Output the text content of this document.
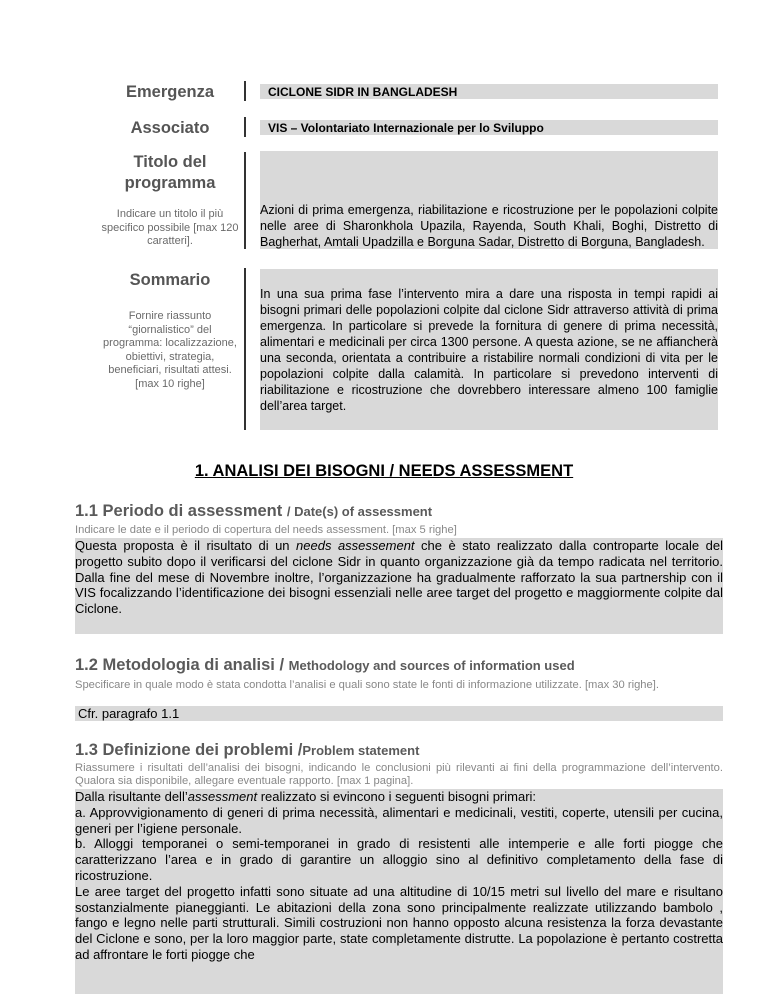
Emergenza	CICLONE SIDR IN BANGLADESH
Associato	VIS – Volontariato Internazionale per lo Sviluppo
Titolo del programma
Indicare un titolo il più specifico possibile [max 120 caratteri].

Azioni di prima emergenza, riabilitazione e ricostruzione per le popolazioni colpite nelle aree di Sharonkhola Upazila, Rayenda, South Khali, Boghi, Distretto di Bagherhat, Amtali Upadzilla e Borguna Sadar, Distretto di Borguna, Bangladesh.

Sommario
Fornire riassunto “giornalistico” del programma: localizzazione, obiettivi, strategia, beneficiari, risultati attesi. [max 10 righe]

In una sua prima fase l’intervento mira a dare una risposta in tempi rapidi ai bisogni primari delle popolazioni colpite dal ciclone Sidr attraverso attività di prima emergenza. In particolare si prevede la fornitura di genere di prima necessità, alimentari e medicinali per circa 1300 persone. A questa azione, se ne affiancherà una seconda, orientata a contribuire a ristabilire normali condizioni di vita per le popolazioni colpite dalla calamità. In particolare si prevedono interventi di riabilitazione e ricostruzione che dovrebbero interessare almeno 100 famiglie dell’area target.

1. ANALISI DEI BISOGNI / NEEDS ASSESSMENT
1.1 Periodo di assessment / Date(s) of assessment

Indicare le date e il periodo di copertura del needs assessment. [max 5 righe]

Questa proposta è il risultato di un needs assessement che è stato realizzato dalla controparte locale del progetto subito dopo il verificarsi del ciclone Sidr in quanto organizzazione già da tempo radicata nel territorio. Dalla fine del mese di Novembre inoltre, l’organizzazione ha gradualmente rafforzato la sua partnership con il VIS focalizzando l’identificazione dei bisogni essenziali nelle aree target del progetto e maggiormente colpite dal Ciclone.

1.2 Metodologia di analisi / Methodology and sources of information used

Specificare in quale modo è stata condotta l’analisi e quali sono state le fonti di informazione utilizzate. [max 30 righe].

Cfr. paragrafo 1.1

1.3 Definizione dei problemi /Problem statement

Riassumere i risultati dell’analisi dei bisogni, indicando le conclusioni più rilevanti ai fini della programmazione dell’intervento. Qualora sia disponibile, allegare eventuale rapporto. [max 1 pagina].

Dalla risultante dell’assessment realizzato si evincono i seguenti bisogni primari:

a. Approvvigionamento di generi di prima necessità, alimentari e medicinali, vestiti, coperte, utensili per cucina, generi per l’igiene personale.

b. Alloggi temporanei o semi-temporanei in grado di resistenti alle intemperie e alle forti piogge che caratterizzano l’area e in grado di garantire un alloggio sino al definitivo completamento della fase di ricostruzione.

Le aree target del progetto infatti sono situate ad una altitudine di 10/15 metri sul livello del mare e risultano sostanzialmente pianeggianti. Le abitazioni della zona sono principalmente realizzate utilizzando bambolo , fango e legno nelle parti strutturali. Simili costruzioni non hanno opposto alcuna resistenza la forza devastante del Ciclone e sono, per la loro maggior parte, state completamente distrutte. La popolazione è pertanto costretta ad affrontare le forti piogge che
